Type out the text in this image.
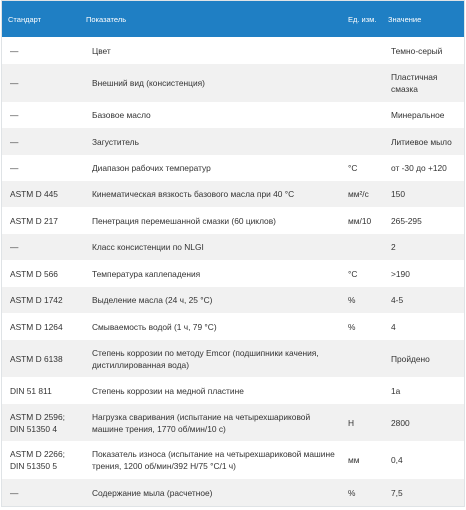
Стандарт	Показатель	Ед. изм.	Значение
—	Цвет		Темно-серый
—	Внешний вид (консистенция)		Пластичная смазка
—	Базовое масло		Минеральное
—	Загуститель		Литиевое мыло
—	Диапазон рабочих температур	°C	от -30 до +120
ASTM D 445	Кинематическая вязкость базового масла при 40 °C	мм²/с	150
ASTM D 217	Пенетрация перемешанной смазки (60 циклов)	мм/10	265-295
—	Класс консистенции по NLGI		2
ASTM D 566	Температура каплепадения	°C	>190
ASTM D 1742	Выделение масла (24 ч, 25 °C)	%	4-5
ASTM D 1264	Смываемость водой (1 ч, 79 °C)	%	4
ASTM D 6138	Степень коррозии по методу Emcor (подшипники качения, дистиллированная вода)		Пройдено
DIN 51 811	Степень коррозии на медной пластине		1a
ASTM D 2596; DIN 51350 4	Нагрузка сваривания (испытание на четырехшариковой машине трения, 1770 об/мин/10 с)	Н	2800
ASTM D 2266; DIN 51350 5	Показатель износа (испытание на четырехшариковой машине трения, 1200 об/мин/392 Н/75 °C/1 ч)	мм	0,4
—	Содержание мыла (расчетное)	%	7,5
